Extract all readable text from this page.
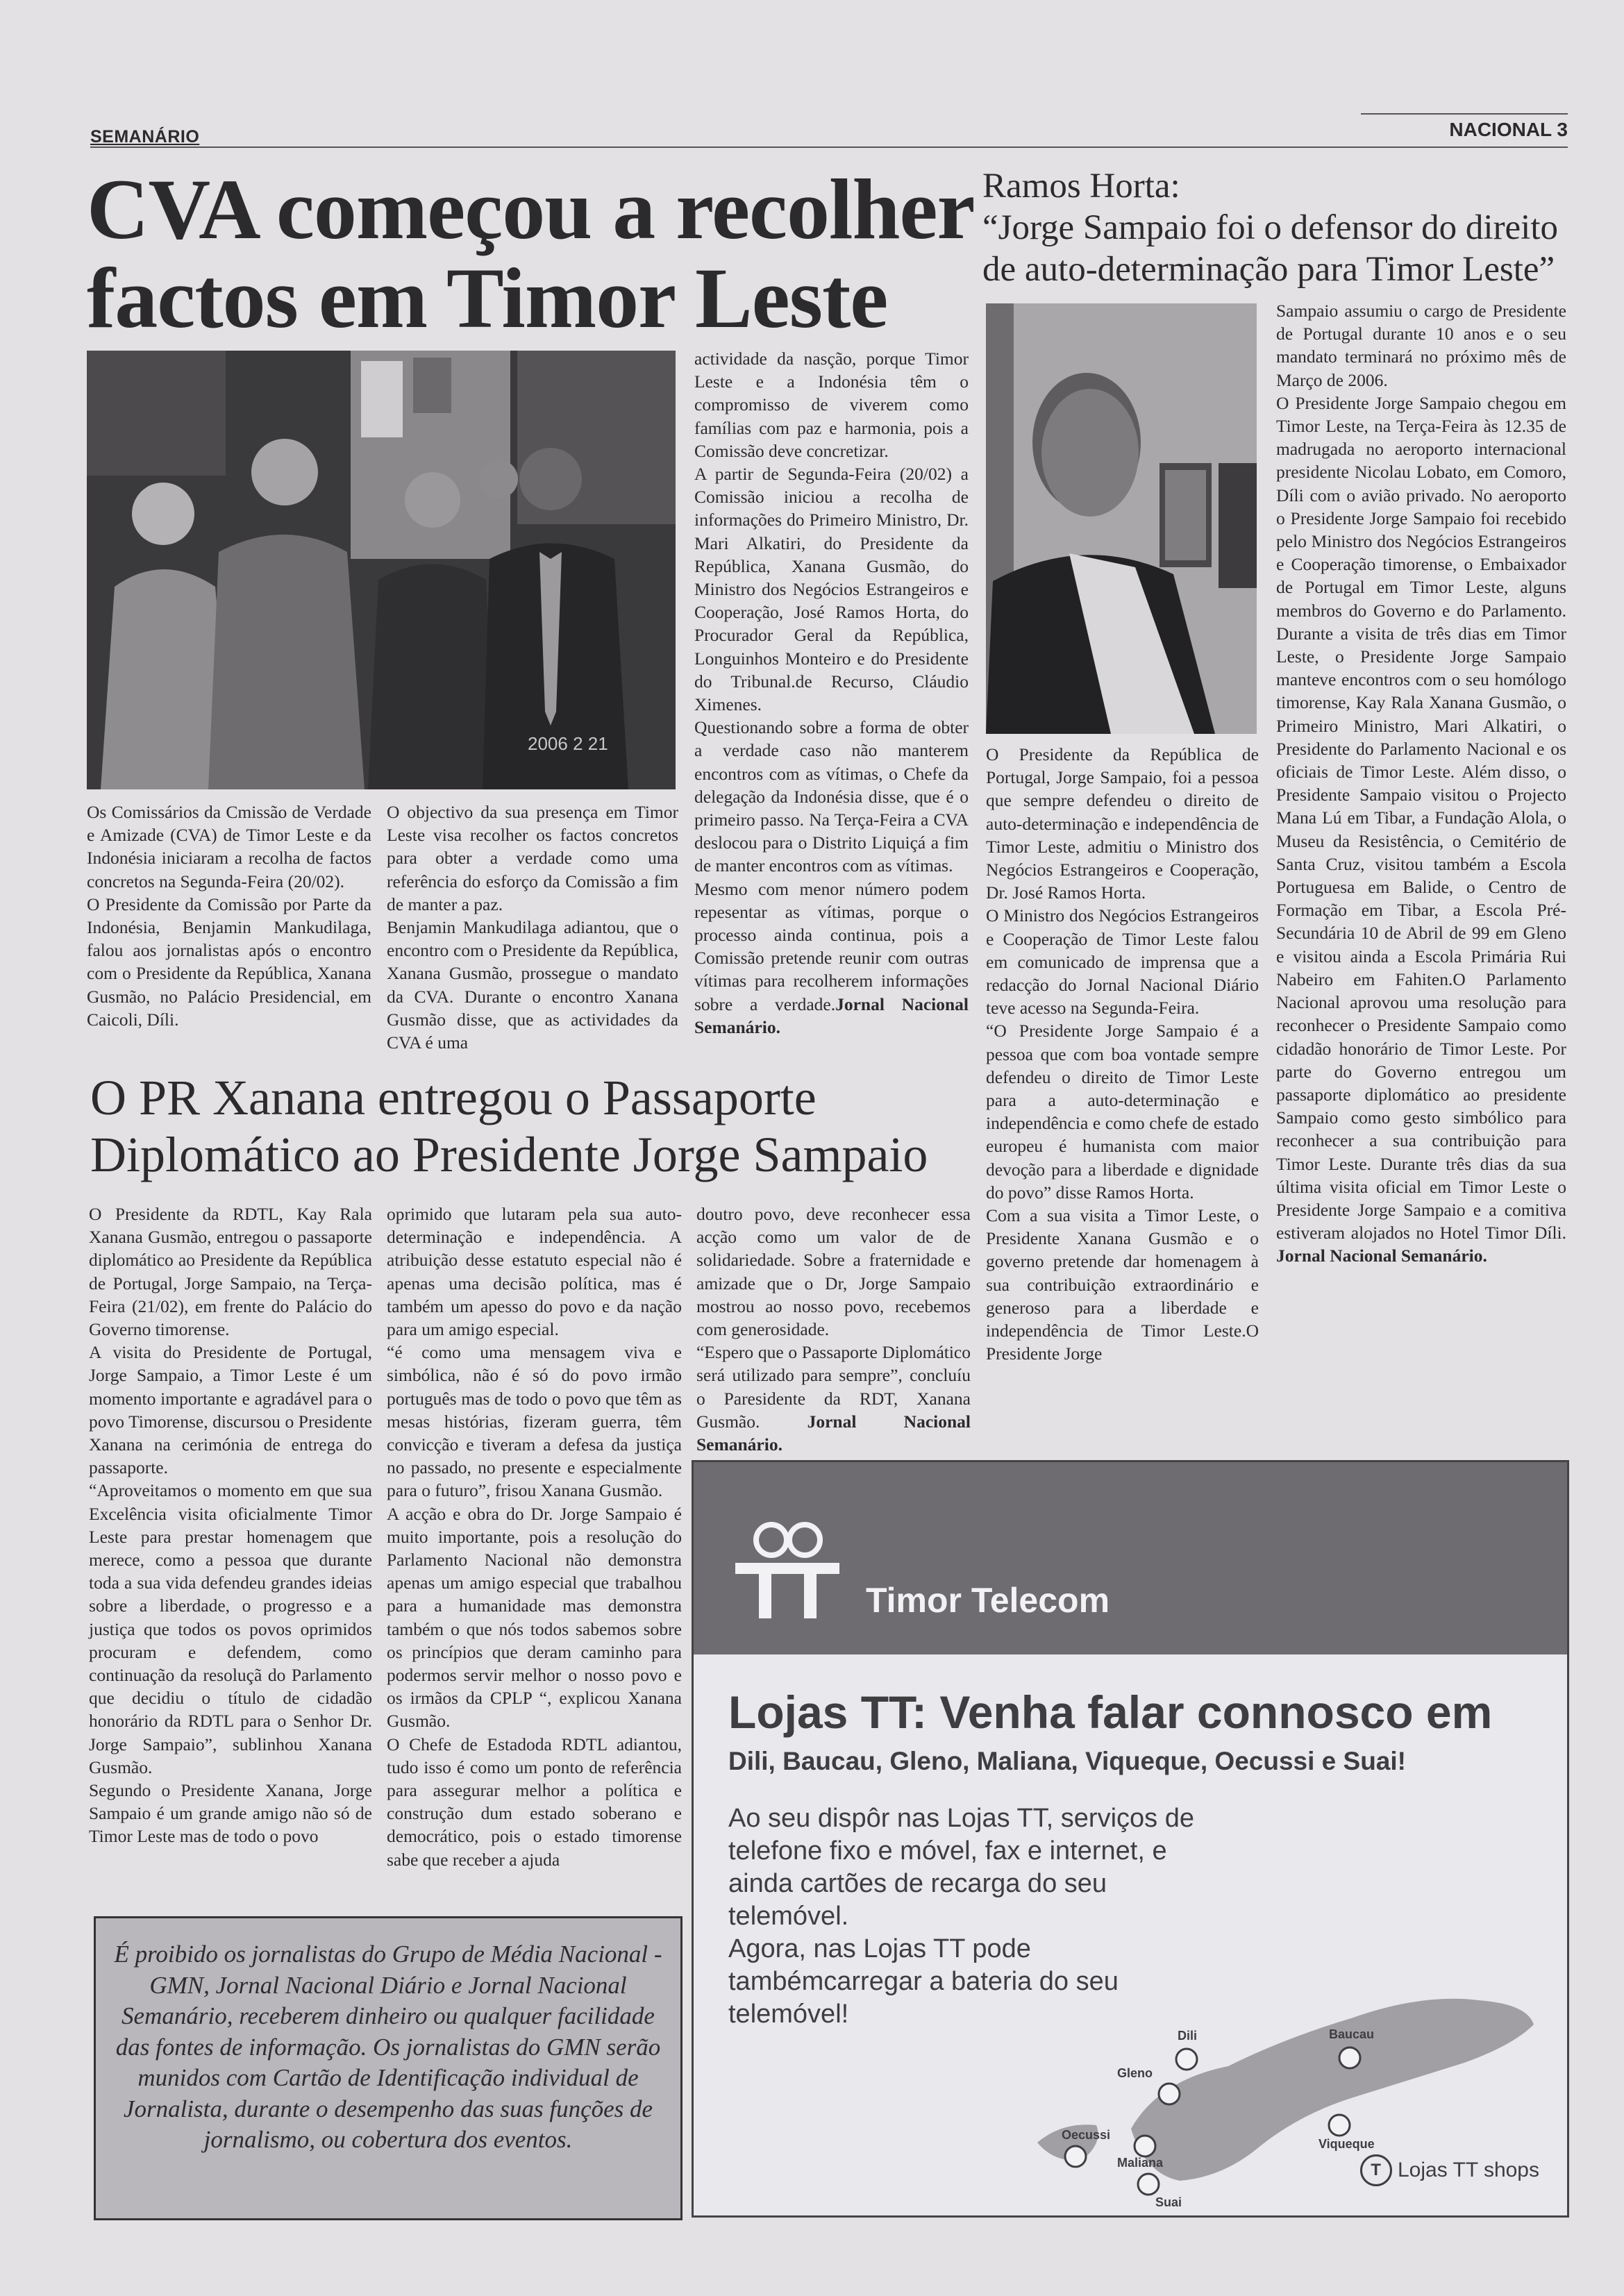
SEMANÁRIO	NACIONAL 3
CVA começou a recolher factos em Timor Leste
2006 2 21

Os Comissários da Cmissão de Verdade e Amizade (CVA) de Timor Leste e da Indonésia iniciaram a recolha de factos concretos na Segunda-Feira (20/02).

O Presidente da Comissão por Parte da Indonésia, Benjamin Mankudilaga, falou aos jornalistas após o encontro com o Presidente da República, Xanana Gusmão, no Palácio Presidencial, em Caicoli, Díli.

O objectivo da sua presença em Timor Leste visa recolher os factos concretos para obter a verdade como uma referência do esforço da Comissão a fim de manter a paz.

Benjamin Mankudilaga adiantou, que o encontro com o Presidente da República, Xanana Gusmão, prossegue o mandato da CVA. Durante o encontro Xanana Gusmão disse, que as actividades da CVA é uma

actividade da nasção, porque Timor Leste e a Indonésia têm o compromisso de viverem como famílias com paz e harmonia, pois a Comissão deve concretizar.

A partir de Segunda-Feira (20/02) a Comissão iniciou a recolha de informações do Primeiro Ministro, Dr. Mari Alkatiri, do Presidente da República, Xanana Gusmão, do Ministro dos Negócios Estrangeiros e Cooperação, José Ramos Horta, do Procurador Geral da República, Longuinhos Monteiro e do Presidente do Tribunal.de Recurso, Cláudio Ximenes.

Questionando sobre a forma de obter a verdade caso não manterem encontros com as vítimas, o Chefe da delegação da Indonésia disse, que é o primeiro passo. Na Terça-Feira a CVA deslocou para o Distrito Liquiçá a fim de manter encontros com as vítimas.

Mesmo com menor número podem repesentar as vítimas, porque o processo ainda continua, pois a Comissão pretende reunir com outras vítimas para recolherem informações sobre a verdade.Jornal Nacional Semanário.

Ramos Horta:
“Jorge Sampaio foi o defensor do direito de auto-determinação para Timor Leste”

O Presidente da República de Portugal, Jorge Sampaio, foi a pessoa que sempre defendeu o direito de auto-determinação e independência de Timor Leste, admitiu o Ministro dos Negócios Estrangeiros e Cooperação, Dr. José Ramos Horta.

O Ministro dos Negócios Estrangeiros e Cooperação de Timor Leste falou em comunicado de imprensa que a redacção do Jornal Nacional Diário teve acesso na Segunda-Feira.

“O Presidente Jorge Sampaio é a pessoa que com boa vontade sempre defendeu o direito de Timor Leste para a auto-determinação e independência e como chefe de estado europeu é humanista com maior devoção para a liberdade e dignidade do povo” disse Ramos Horta.

Com a sua visita a Timor Leste, o Presidente Xanana Gusmão e o governo pretende dar homenagem à sua contribuição extraordinário e generoso para a liberdade e independência de Timor Leste.O Presidente Jorge

Sampaio assumiu o cargo de Presidente de Portugal durante 10 anos e o seu mandato terminará no próximo mês de Março de 2006.

O Presidente Jorge Sampaio chegou em Timor Leste, na Terça-Feira às 12.35 de madrugada no aeroporto internacional presidente Nicolau Lobato, em Comoro, Díli com o avião privado. No aeroporto o Presidente Jorge Sampaio foi recebido pelo Ministro dos Negócios Estrangeiros e Cooperação timorense, o Embaixador de Portugal em Timor Leste, alguns membros do Governo e do Parlamento. Durante a visita de três dias em Timor Leste, o Presidente Jorge Sampaio manteve encontros com o seu homólogo timorense, Kay Rala Xanana Gusmão, o Primeiro Ministro, Mari Alkatiri, o Presidente do Parlamento Nacional e os oficiais de Timor Leste. Além disso, o Presidente Sampaio visitou o Projecto Mana Lú em Tibar, a Fundação Alola, o Museu da Resistência, o Cemitério de Santa Cruz, visitou também a Escola Portuguesa em Balide, o Centro de Formação em Tibar, a Escola Pré-Secundária 10 de Abril de 99 em Gleno e visitou ainda a Escola Primária Rui Nabeiro em Fahiten.O Parlamento Nacional aprovou uma resolução para reconhecer o Presidente Sampaio como cidadão honorário de Timor Leste. Por parte do Governo entregou um passaporte diplomático ao presidente Sampaio como gesto simbólico para reconhecer a sua contribuição para Timor Leste. Durante três dias da sua última visita oficial em Timor Leste o Presidente Jorge Sampaio e a comitiva estiveram alojados no Hotel Timor Díli. Jornal Nacional Semanário.

O PR Xanana entregou o Passaporte
Diplomático ao Presidente Jorge Sampaio

O Presidente da RDTL, Kay Rala Xanana Gusmão, entregou o passaporte diplomático ao Presidente da República de Portugal, Jorge Sampaio, na Terça-Feira (21/02), em frente do Palácio do Governo timorense.

A visita do Presidente de Portugal, Jorge Sampaio, a Timor Leste é um momento importante e agradável para o povo Timorense, discursou o Presidente Xanana na cerimónia de entrega do passaporte.

“Aproveitamos o momento em que sua Excelência visita oficialmente Timor Leste para prestar homenagem que merece, como a pessoa que durante toda a sua vida defendeu grandes ideias sobre a liberdade, o progresso e a justiça que todos os povos oprimidos procuram e defendem, como continuação da resoluçã do Parlamento que decidiu o título de cidadão honorário da RDTL para o Senhor Dr. Jorge Sampaio”, sublinhou Xanana Gusmão.

Segundo o Presidente Xanana, Jorge Sampaio é um grande amigo não só de Timor Leste mas de todo o povo

oprimido que lutaram pela sua auto-determinação e independência. A atribuição desse estatuto especial não é apenas uma decisão política, mas é também um apesso do povo e da nação para um amigo especial.

“é como uma mensagem viva e simbólica, não é só do povo irmão português mas de todo o povo que têm as mesas histórias, fizeram guerra, têm convicção e tiveram a defesa da justiça no passado, no presente e especialmente para o futuro”, frisou Xanana Gusmão.

A acção e obra do Dr. Jorge Sampaio é muito importante, pois a resolução do Parlamento Nacional não demonstra apenas um amigo especial que trabalhou para a humanidade mas demonstra também o que nós todos sabemos sobre os princípios que deram caminho para podermos servir melhor o nosso povo e os irmãos da CPLP “, explicou Xanana Gusmão.

O Chefe de Estadoda RDTL adiantou, tudo isso é como um ponto de referência para assegurar melhor a política e construção dum estado soberano e democrático, pois o estado timorense sabe que receber a ajuda

doutro povo, deve reconhecer essa acção como um valor de de solidariedade. Sobre a fraternidade e amizade que o Dr, Jorge Sampaio mostrou ao nosso povo, recebemos com generosidade.

“Espero que o Passaporte Diplomático será utilizado para sempre”, concluíu o Paresidente da RDT, Xanana Gusmão.	Jornal Nacional Semanário.

É proibido os jornalistas do Grupo de Média Nacional - GMN, Jornal Nacional Diário e Jornal Nacional Semanário, receberem dinheiro ou qualquer facilidade das fontes de informação. Os jornalistas do GMN serão munidos com Cartão de Identificação individual de Jornalista, durante o desempenho das suas funções de jornalismo, ou cobertura dos eventos.
Timor Telecom
Lojas TT: Venha falar connosco em
Dili, Baucau, Gleno, Maliana, Viqueque, Oecussi e Suai!

Ao seu dispôr nas Lojas TT, serviços de telefone fixo e móvel, fax e internet, e ainda cartões de recarga do seu telemóvel.

Agora, nas Lojas TT pode tambémcarregar a bateria do seu telemóvel!

Dili	Baucau
Gleno
Oecussi
Maliana
Viqueque
Suai
T Lojas TT shops
